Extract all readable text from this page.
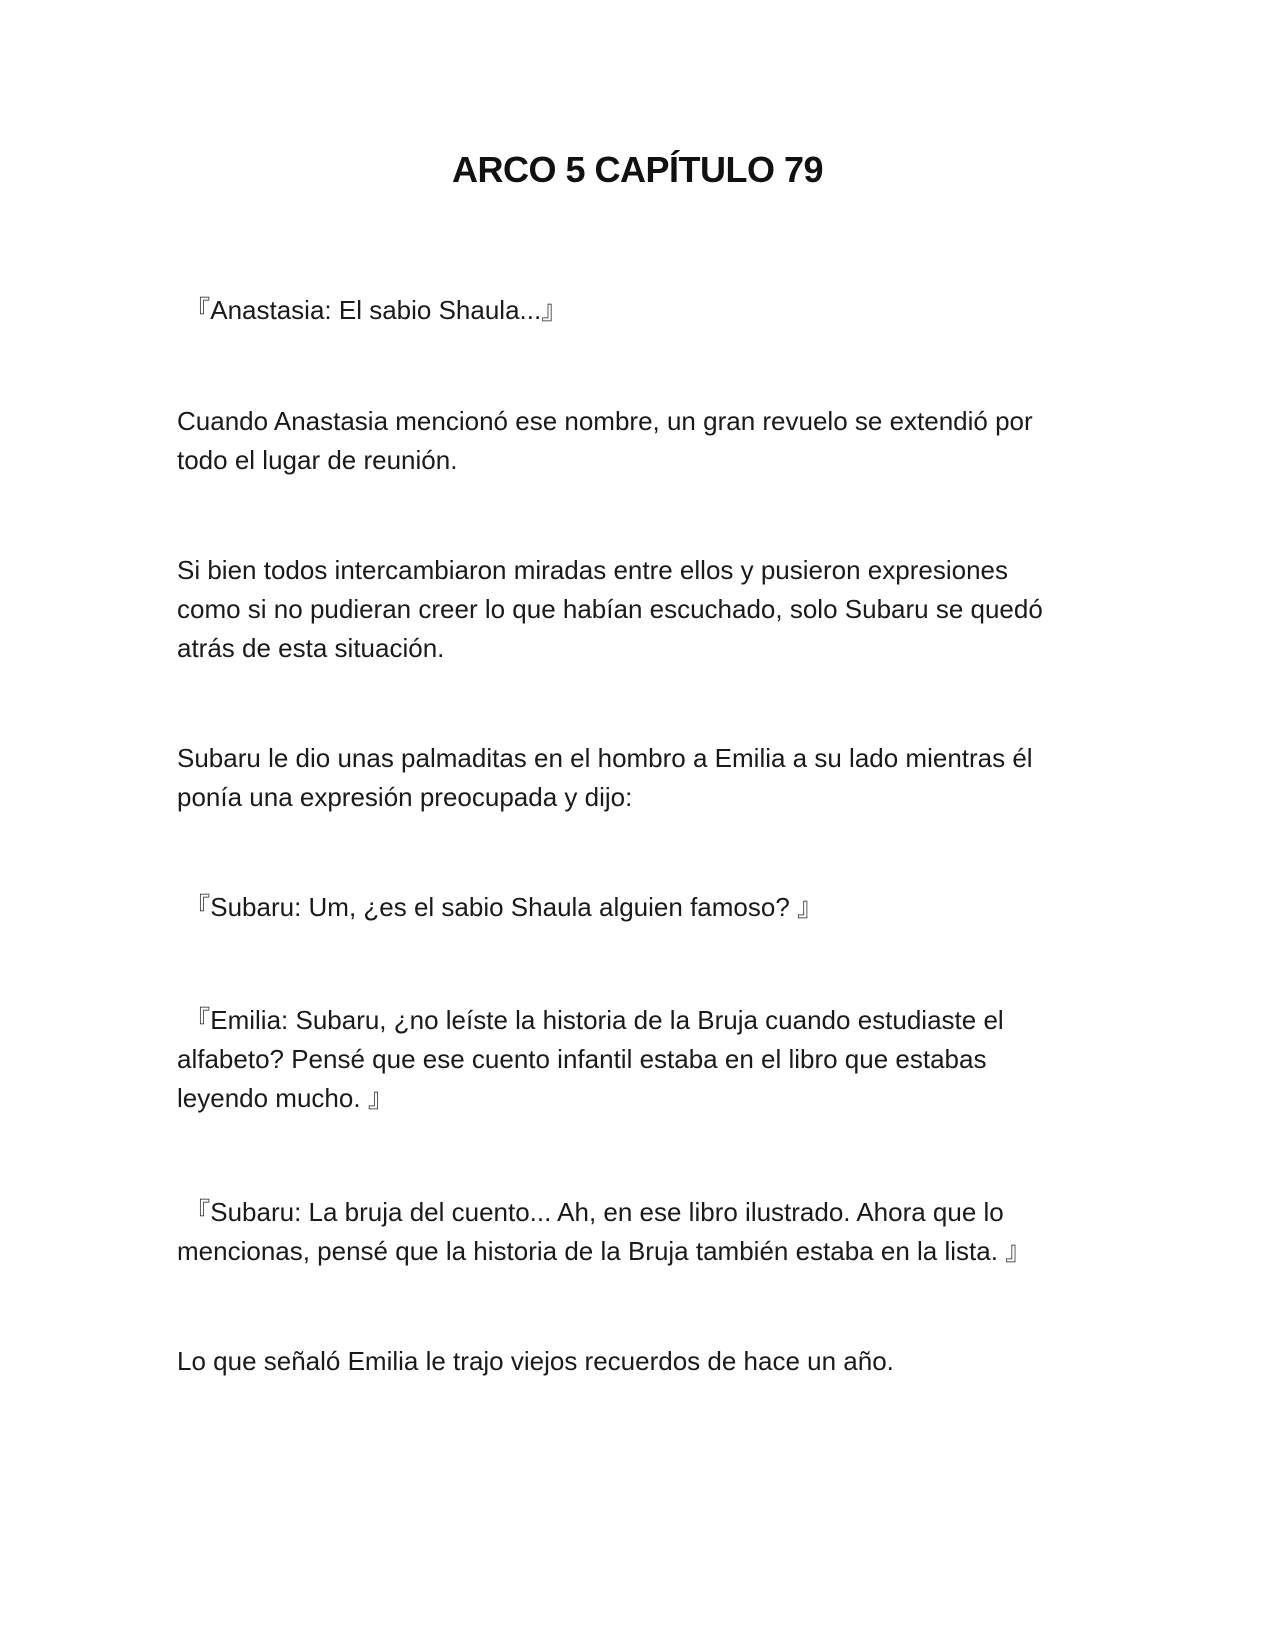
ARCO 5 CAPÍTULO 79

『Anastasia: El sabio Shaula...』

Cuando Anastasia mencionó ese nombre, un gran revuelo se extendió por todo el lugar de reunión.

Si bien todos intercambiaron miradas entre ellos y pusieron expresiones como si no pudieran creer lo que habían escuchado, solo Subaru se quedó atrás de esta situación.

Subaru le dio unas palmaditas en el hombro a Emilia a su lado mientras él ponía una expresión preocupada y dijo:

『Subaru: Um, ¿es el sabio Shaula alguien famoso? 』

『Emilia: Subaru, ¿no leíste la historia de la Bruja cuando estudiaste el alfabeto? Pensé que ese cuento infantil estaba en el libro que estabas leyendo mucho. 』

『Subaru: La bruja del cuento... Ah, en ese libro ilustrado. Ahora que lo mencionas, pensé que la historia de la Bruja también estaba en la lista. 』

Lo que señaló Emilia le trajo viejos recuerdos de hace un año.
